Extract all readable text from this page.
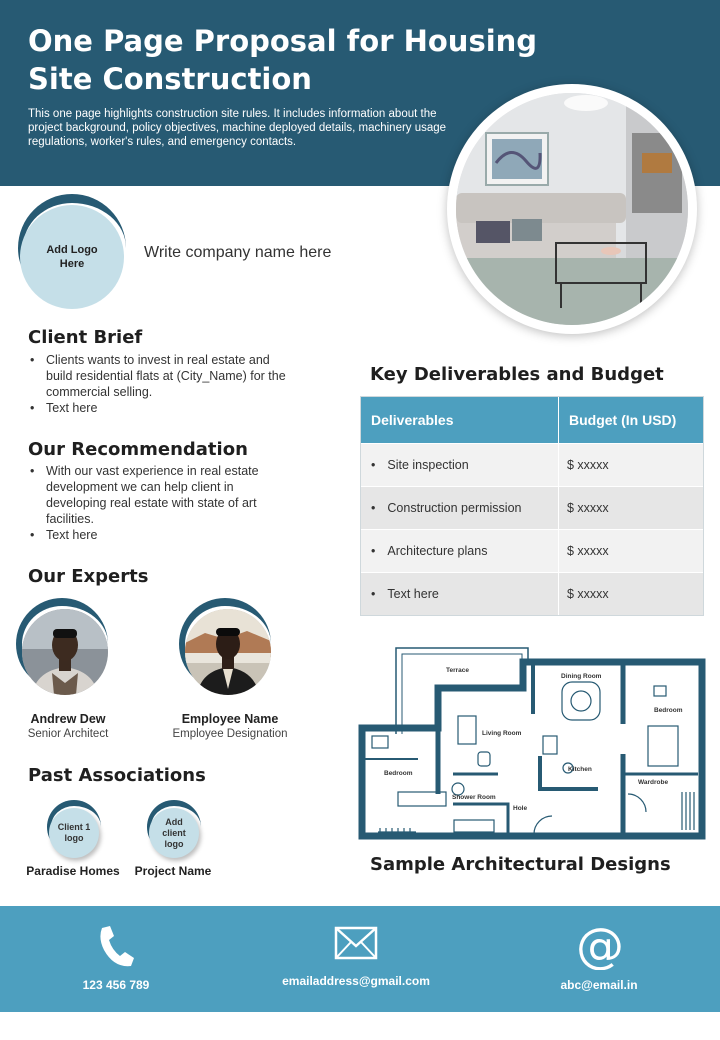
One Page Proposal for Housing Site Construction
This one page highlights construction site rules. It includes information about the project background, policy objectives, machine deployed details, machinery usage regulations, worker's rules, and emergency contacts.
Add Logo Here
Write company name here
Client Brief
• Clients wants to invest in real estate and build residential flats at (City_Name) for the commercial selling.
• Text here
Our Recommendation
• With our vast experience in real estate development we can help client in developing real estate with state of art facilities.
• Text here
Our Experts
Andrew Dew
Senior Architect
Employee Name
Employee Designation
Past Associations
Client 1 logo
Paradise Homes
Add client logo
Project Name
Key Deliverables and Budget
Deliverables	Budget (In USD)
• Site inspection	$ xxxxx
• Construction permission	$ xxxxx
• Architecture plans	$ xxxxx
• Text here	$ xxxxx
Terrace
Dining Room
Bedroom
Living Room
Bedroom
Kitchen
Wardrobe
Shower Room
Hole
Sample Architectural Designs
123 456 789	emailaddress@gmail.com
@
abc@email.in
